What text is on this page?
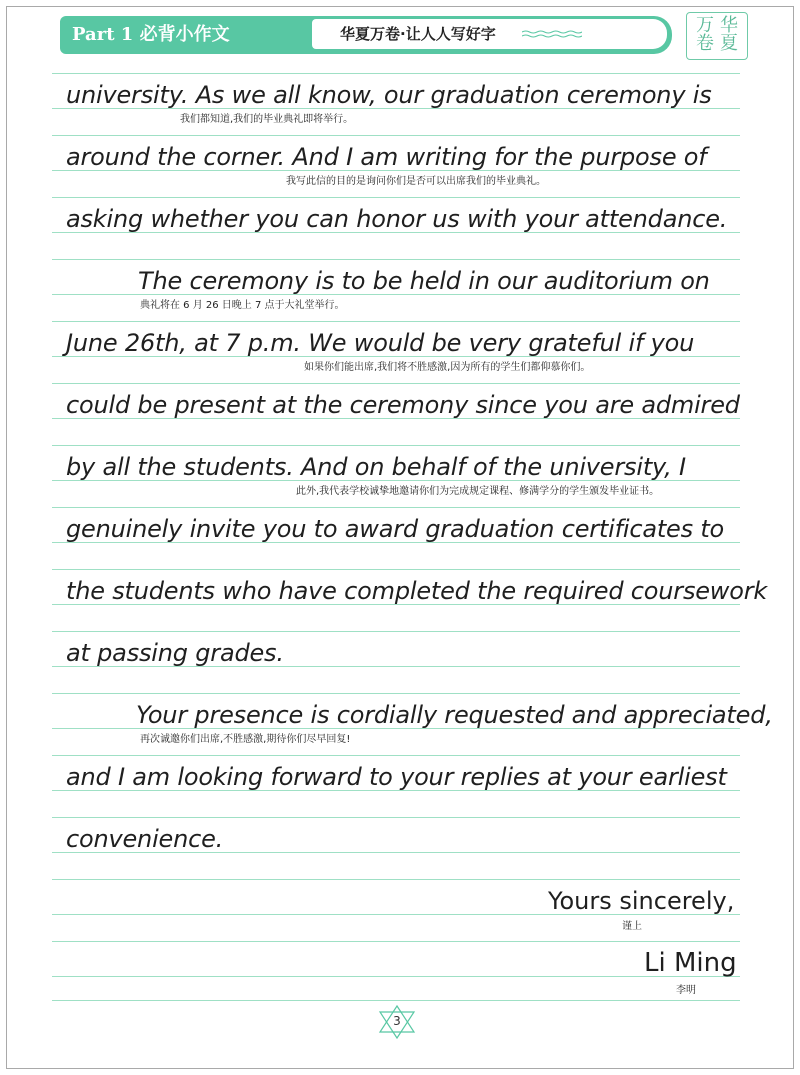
Part 1 必背小作文	华夏万卷·让人人写好字	华夏万卷
university. As we all know, our graduation ceremony is
我们都知道,我们的毕业典礼即将举行。
around the corner. And I am writing for the purpose of
我写此信的目的是询问你们是否可以出席我们的毕业典礼。
asking whether you can honor us with your attendance.
The ceremony is to be held in our auditorium on
典礼将在 6 月 26 日晚上 7 点于大礼堂举行。
June 26th, at 7 p.m. We would be very grateful if you
如果你们能出席,我们将不胜感激,因为所有的学生们都仰慕你们。
could be present at the ceremony since you are admired
by all the students. And on behalf of the university, I
此外,我代表学校诚挚地邀请你们为完成规定课程、修满学分的学生颁发毕业证书。
genuinely invite you to award graduation certificates to
the students who have completed the required coursework
at passing grades.
Your presence is cordially requested and appreciated,
再次诚邀你们出席,不胜感激,期待你们尽早回复!
and I am looking forward to your replies at your earliest
convenience.
Yours sincerely,
谨上
Li Ming
李明
3
